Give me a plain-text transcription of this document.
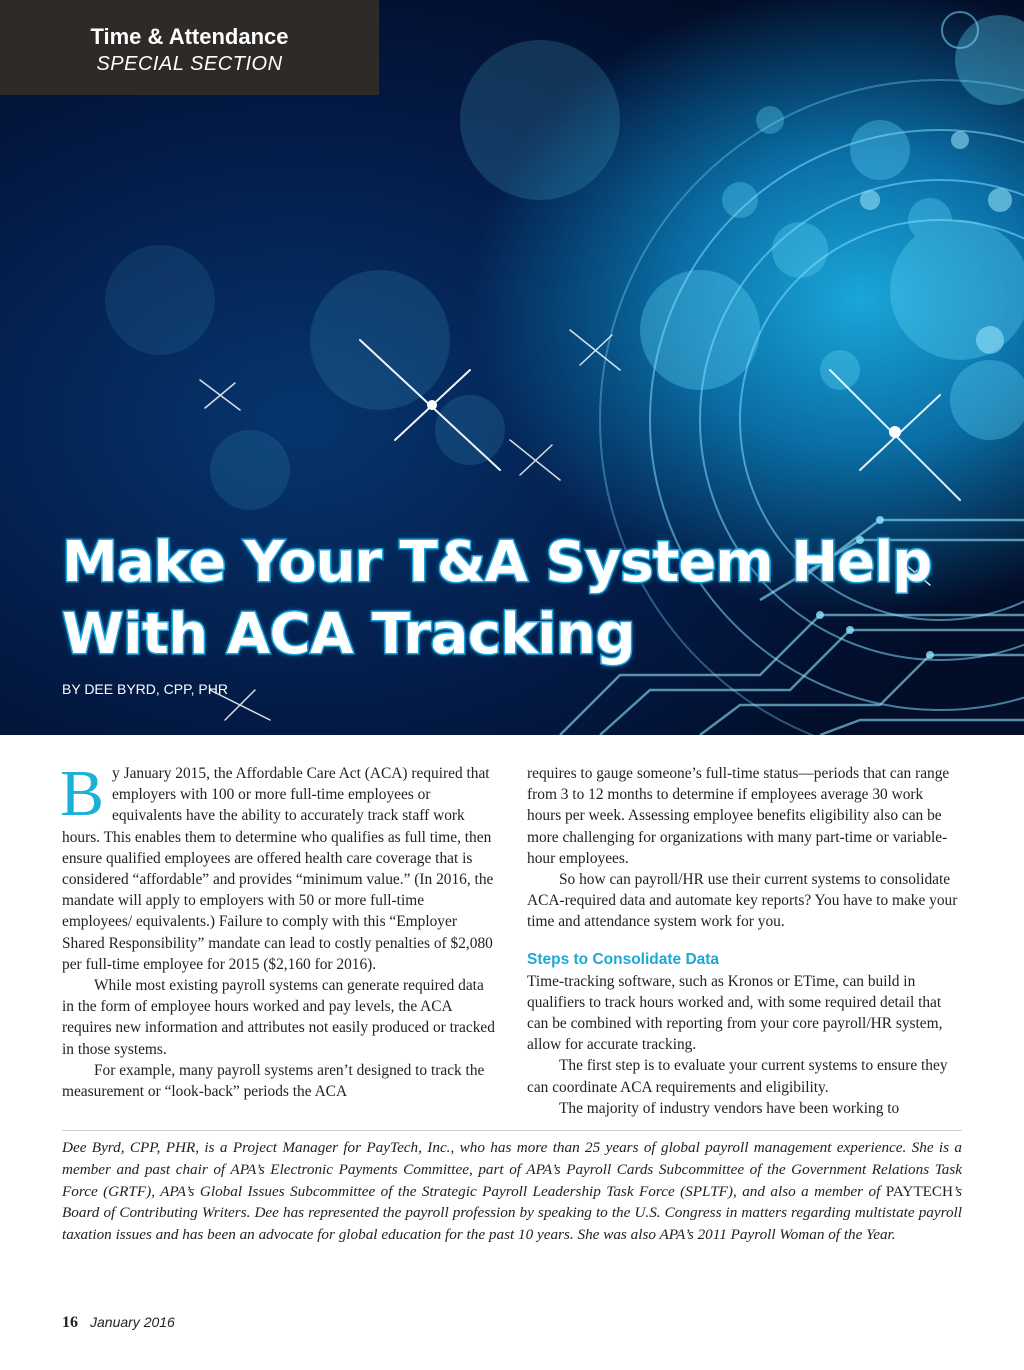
Time & Attendance
SPECIAL SECTION
Make Your T&A System Help
With ACA Tracking
BY DEE BYRD, CPP, PHR

By January 2015, the Affordable Care Act (ACA) required that employers with 100 or more full-time employees or equivalents have the ability to accurately track staff work hours. This enables them to determine who qualifies as full time, then ensure qualified employees are offered health care coverage that is considered “affordable” and provides “minimum value.” (In 2016, the mandate will apply to employers with 50 or more full-time employees/ equivalents.) Failure to comply with this “Employer Shared Responsibility” mandate can lead to costly penalties of $2,080 per full-time employee for 2015 ($2,160 for 2016).

While most existing payroll systems can generate required data in the form of employee hours worked and pay levels, the ACA requires new information and attributes not easily produced or tracked in those systems.

For example, many payroll systems aren’t designed to track the measurement or “look-back” periods the ACA

requires to gauge someone’s full-time status—periods that can range from 3 to 12 months to determine if employees average 30 work hours per week. Assessing employee benefits eligibility also can be more challenging for organizations with many part-time or variable-hour employees.

So how can payroll/HR use their current systems to consolidate ACA-required data and automate key reports? You have to make your time and attendance system work for you.

Steps to Consolidate Data

Time-tracking software, such as Kronos or ETime, can build in qualifiers to track hours worked and, with some required detail that can be combined with reporting from your core payroll/HR system, allow for accurate tracking.

The first step is to evaluate your current systems to ensure they can coordinate ACA requirements and eligibility.

The majority of industry vendors have been working to

Dee Byrd, CPP, PHR, is a Project Manager for PayTech, Inc., who has more than 25 years of global payroll management experience. She is a member and past chair of APA’s Electronic Payments Committee, part of APA’s Payroll Cards Subcommittee of the Government Relations Task Force (GRTF), APA’s Global Issues Subcommittee of the Strategic Payroll Leadership Task Force (SPLTF), and also a member of PAYTECH’s Board of Contributing Writers. Dee has represented the payroll profession by speaking to the U.S. Congress in matters regarding multistate payroll taxation issues and has been an advocate for global education for the past 10 years. She was also APA’s 2011 Payroll Woman of the Year.
16 January 2016
